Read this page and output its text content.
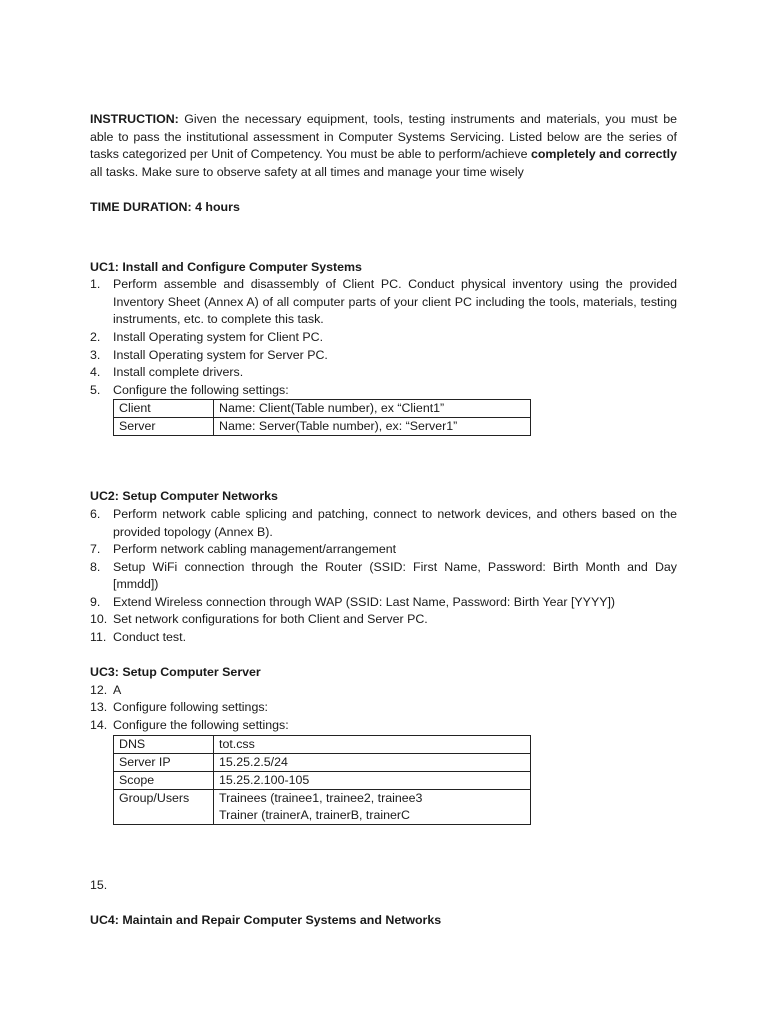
INSTRUCTION: Given the necessary equipment, tools, testing instruments and materials, you must be able to pass the institutional assessment in Computer Systems Servicing. Listed below are the series of tasks categorized per Unit of Competency. You must be able to perform/achieve completely and correctly all tasks. Make sure to observe safety at all times and manage your time wisely

TIME DURATION: 4 hours

UC1: Install and Configure Computer Systems

1. Perform assemble and disassembly of Client PC. Conduct physical inventory using the provided Inventory Sheet (Annex A) of all computer parts of your client PC including the tools, materials, testing instruments, etc. to complete this task.
2. Install Operating system for Client PC.
3. Install Operating system for Server PC.
4. Install complete drivers.
5. Configure the following settings:
Client	Name: Client(Table number), ex “Client1”
Server	Name: Server(Table number), ex: “Server1”

UC2: Setup Computer Networks

6. Perform network cable splicing and patching, connect to network devices, and others based on the provided topology (Annex B).
7. Perform network cabling management/arrangement
8. Setup WiFi connection through the Router (SSID: First Name, Password: Birth Month and Day [mmdd])
9. Extend Wireless connection through WAP (SSID: Last Name, Password: Birth Year [YYYY])
10. Set network configurations for both Client and Server PC.
11. Conduct test.

UC3: Setup Computer Server

12. A
13. Configure following settings:
14. Configure the following settings:
DNS	tot.css
Server IP	15.25.2.5/24
Scope	15.25.2.100-105
Group/Users	Trainees (trainee1, trainee2, trainee3
Trainer (trainerA, trainerB, trainerC

15.

UC4: Maintain and Repair Computer Systems and Networks
